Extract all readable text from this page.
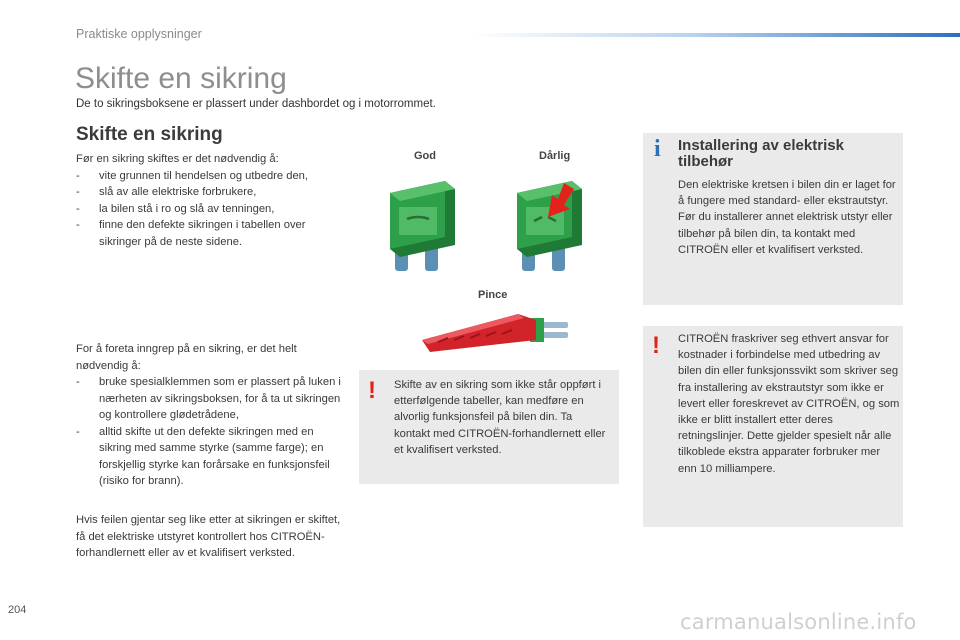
Praktiske opplysninger
Skifte en sikring
De to sikringsboksene er plassert under dashbordet og i motorrommet.
Skifte en sikring

Før en sikring skiftes er det nødvendig å:

- vite grunnen til hendelsen og utbedre den,
- slå av alle elektriske forbrukere,
- la bilen stå i ro og slå av tenningen,
- finne den defekte sikringen i tabellen over sikringer på de neste sidene.

For å foreta inngrep på en sikring, er det helt nødvendig å:

- bruke spesialklemmen som er plassert på luken i nærheten av sikringsboksen, for å ta ut sikringen og kontrollere glødetrådene,
- alltid skifte ut den defekte sikringen med en sikring med samme styrke (samme farge); en forskjellig styrke kan forårsake en funksjonsfeil (risiko for brann).

Hvis feilen gjentar seg like etter at sikringen er skiftet, få det elektriske utstyret kontrollert hos CITROËN-forhandlernett eller av et kvalifisert verksted.

God	Dårlig
Pince
! Skifte av en sikring som ikke står oppført i etterfølgende tabeller, kan medføre en alvorlig funksjonsfeil på bilen din. Ta kontakt med CITROËN-forhandlernett eller et kvalifisert verksted.
i Installering av elektrisk tilbehør

Den elektriske kretsen i bilen din er laget for å fungere med standard- eller ekstrautstyr.

Før du installerer annet elektrisk utstyr eller tilbehør på bilen din, ta kontakt med CITROËN eller et kvalifisert verksted.

! CITROËN fraskriver seg ethvert ansvar for kostnader i forbindelse med utbedring av bilen din eller funksjonssvikt som skriver seg fra installering av ekstrautstyr som ikke er levert eller foreskrevet av CITROËN, og som ikke er blitt installert etter deres retningslinjer. Dette gjelder spesielt når alle tilkoblede ekstra apparater forbruker mer enn 10 milliampere.
204	carmanualsonline.info
